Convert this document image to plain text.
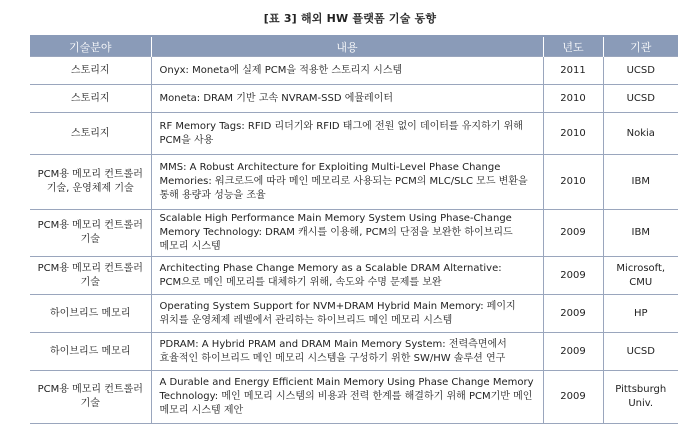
[표 3] 해외 HW 플랫폼 기술 동향
기술분야	내용	년도	기관
스토리지	Onyx: Moneta에 실제 PCM을 적용한 스토리지 시스템	2011	UCSD
스토리지	Moneta: DRAM 기반 고속 NVRAM-SSD 에뮬레이터	2010	UCSD
스토리지	RF Memory Tags: RFID 리더기와 RFID 태그에 전원 없이 데이터를 유지하기 위해 PCM을 사용	2010	Nokia
PCM용 메모리 컨트롤러 기술, 운영체제 기술	MMS: A Robust Architecture for Exploiting Multi-Level Phase Change Memories: 워크로드에 따라 메인 메모리로 사용되는 PCM의 MLC/SLC 모드 변환을 통해 용량과 성능을 조율	2010	IBM
PCM용 메모리 컨트롤러 기술	Scalable High Performance Main Memory System Using Phase-Change Memory Technology: DRAM 캐시를 이용해, PCM의 단점을 보완한 하이브리드 메모리 시스템	2009	IBM
PCM용 메모리 컨트롤러 기술	Architecting Phase Change Memory as a Scalable DRAM Alternative: PCM으로 메인 메모리를 대체하기 위해, 속도와 수명 문제를 보완	2009	Microsoft, CMU
하이브리드 메모리	Operating System Support for NVM+DRAM Hybrid Main Memory: 페이지 위치를 운영체제 레벨에서 관리하는 하이브리드 메인 메모리 시스템	2009	HP
하이브리드 메모리	PDRAM: A Hybrid PRAM and DRAM Main Memory System: 전력측면에서 효율적인 하이브리드 메인 메모리 시스템을 구성하기 위한 SW/HW 솔루션 연구	2009	UCSD
PCM용 메모리 컨트롤러 기술	A Durable and Energy Efficient Main Memory Using Phase Change Memory Technology: 메인 메모리 시스템의 비용과 전력 한계를 해결하기 위해 PCM기반 메인 메모리 시스템 제안	2009	Pittsburgh Univ.
